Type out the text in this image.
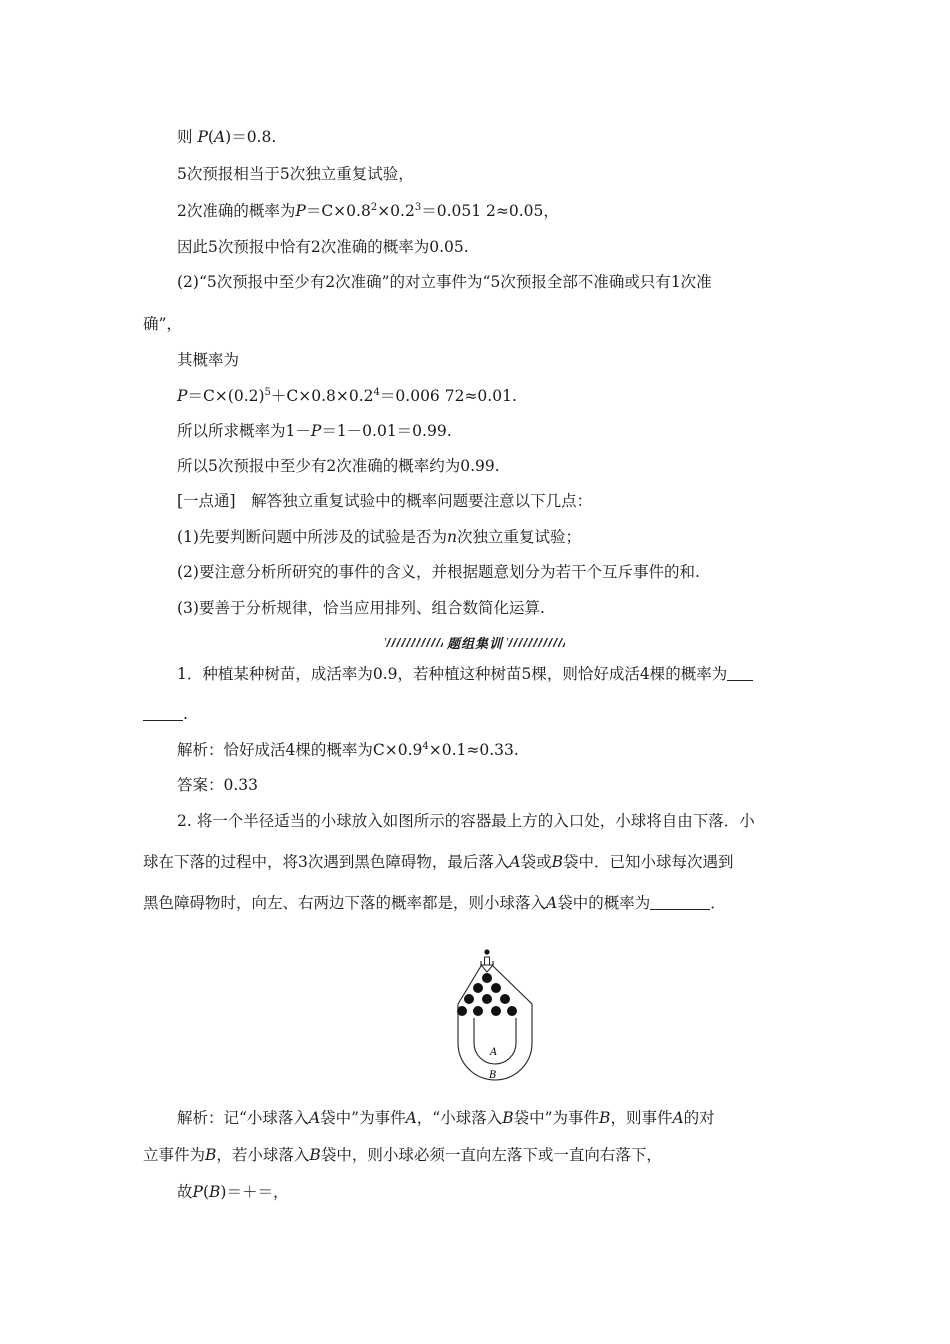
则 P(A)＝0.8.
5次预报相当于5次独立重复试验，
2次准确的概率为$P=C\times 0.8^2\times 0.2^3=0.051$ 2≈0.05，
因此5次预报中恰有2次准确的概率为0.05.
(2)“5次预报中至少有2次准确”的对立事件为“5次预报全部不准确或只有1次准
确”，
其概率为
$P=C\times(0.2)^5+C\times 0.8\times 0.2^4=0.006$ 72≈0.01.
所以所求概率为1－P＝1－0.01＝0.99.
所以5次预报中至少有2次准确的概率约为0.99.
[一点通]　解答独立重复试验中的概率问题要注意以下几点：
(1)先要判断问题中所涉及的试验是否为n次独立重复试验；
(2)要注意分析所研究的事件的含义，并根据题意划分为若干个互斥事件的和.
(3)要善于分析规律，恰当应用排列、组合数简化运算.
题组集训
1．种植某种树苗，成活率为0.9，若种植这种树苗5棵，则恰好成活4棵的概率为
.
解析：恰好成活4棵的概率为$C\times 0.9^4\times 0.1\approx 0.33$.
答案：0.33
2. 将一个半径适当的小球放入如图所示的容器最上方的入口处，小球将自由下落．小
球在下落的过程中，将3次遇到黑色障碍物，最后落入A袋或B袋中．已知小球每次遇到
黑色障碍物时，向左、右两边下落的概率都是，则小球落入A袋中的概率为	．
A
B
解析：记“小球落入A袋中”为事件A，“小球落入B袋中”为事件B，则事件A的对
立事件为B，若小球落入B袋中，则小球必须一直向左落下或一直向右落下，
故P(B)＝＋＝，
